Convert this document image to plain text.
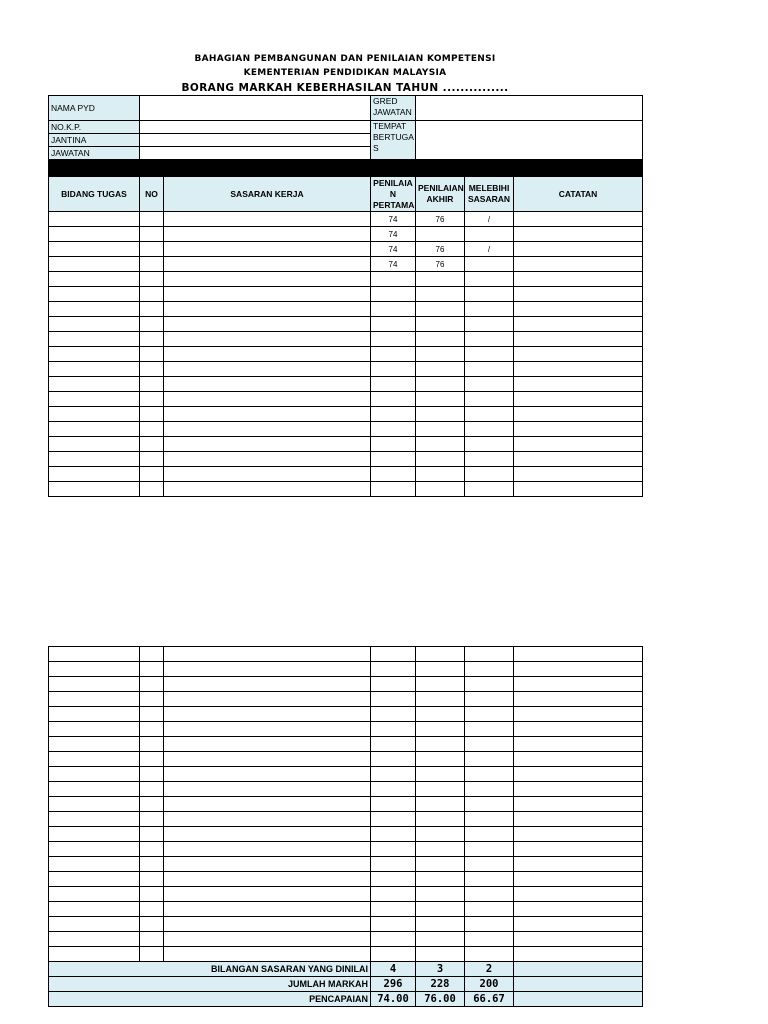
BAHAGIAN PEMBANGUNAN DAN PENILAIAN KOMPETENSI
KEMENTERIAN PENDIDIKAN MALAYSIA
BORANG MARKAH KEBERHASILAN TAHUN ...............
NAMA PYD			GRED JAWATAN			
NO.K.P.			TEMPAT BERTUGA S			
JANTINA						
JAWATAN						

BIDANG TUGAS	NO	SASARAN KERJA	PENILAIA N PERTAMA	PENILAIAN AKHIR	MELEBIHI SASARAN	CATATAN
			74	76	/	
			74			
			74	76	/	
			74	76		

BILANGAN SASARAN YANG DINILAI			4	3	2	
JUMLAH MARKAH			296	228	200	
PENCAPAIAN			74.00	76.00	66.67	
